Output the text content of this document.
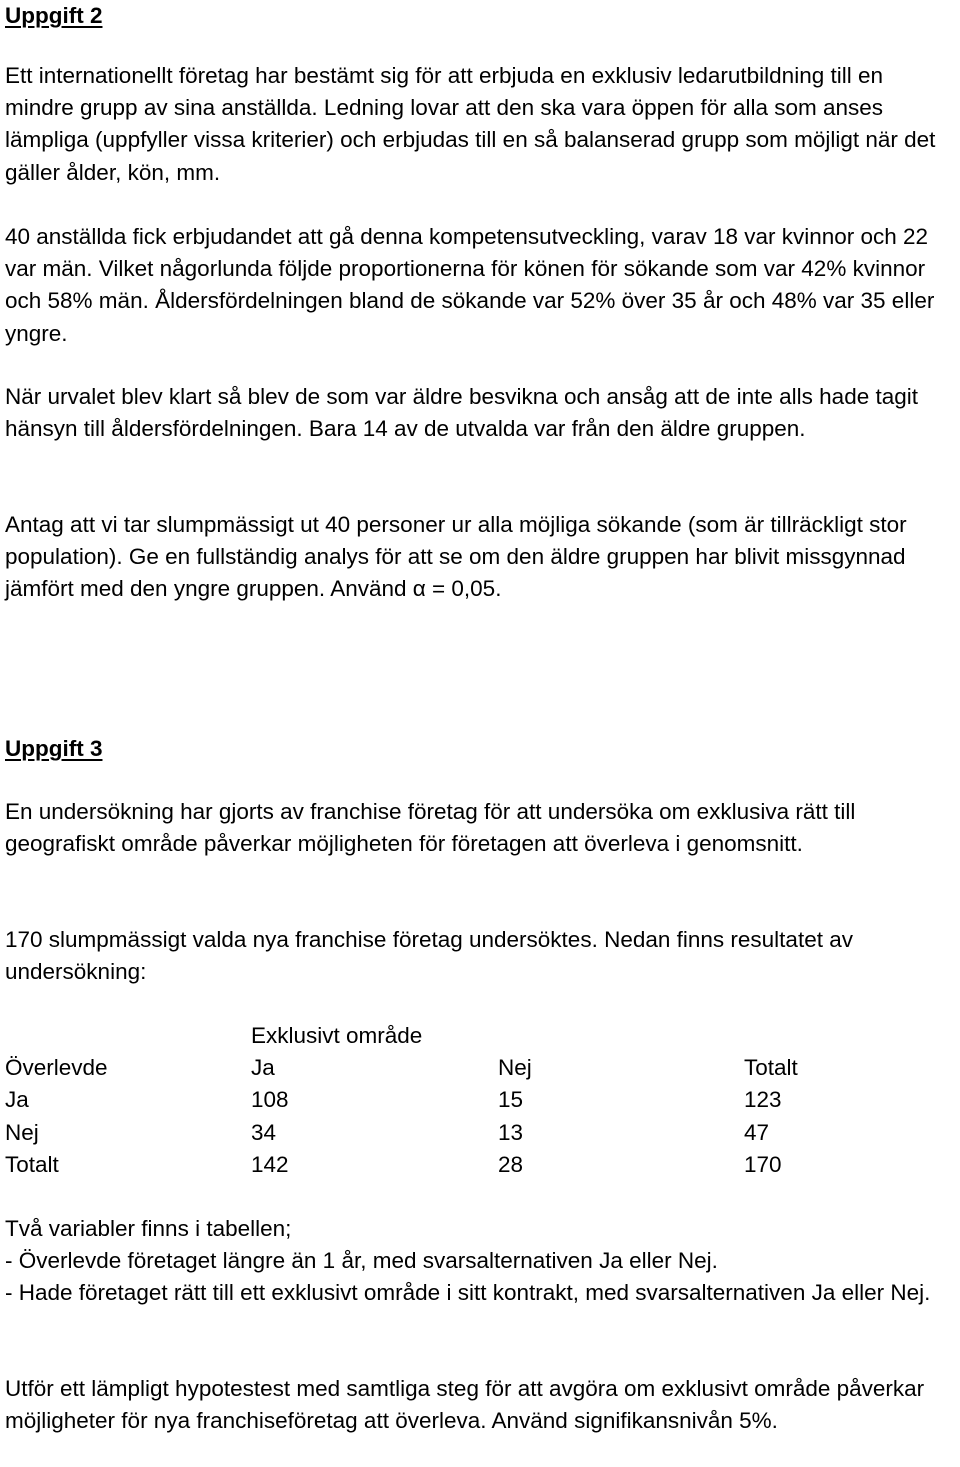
Uppgift 2
Ett internationellt företag har bestämt sig för att erbjuda en exklusiv ledarutbildning till en mindre grupp av sina anställda. Ledning lovar att den ska vara öppen för alla som anses lämpliga (uppfyller vissa kriterier) och erbjudas till en så balanserad grupp som möjligt när det gäller ålder, kön, mm.
40 anställda fick erbjudandet att gå denna kompetensutveckling, varav 18 var kvinnor och 22 var män. Vilket någorlunda följde proportionerna för könen för sökande som var 42% kvinnor och 58% män. Åldersfördelningen bland de sökande var 52% över 35 år och 48% var 35 eller yngre.
När urvalet blev klart så blev de som var äldre besvikna och ansåg att de inte alls hade tagit hänsyn till åldersfördelningen. Bara 14 av de utvalda var från den äldre gruppen.
Antag att vi tar slumpmässigt ut 40 personer ur alla möjliga sökande (som är tillräckligt stor population). Ge en fullständig analys för att se om den äldre gruppen har blivit missgynnad jämfört med den yngre gruppen. Använd α = 0,05.
Uppgift 3
En undersökning har gjorts av franchise företag för att undersöka om exklusiva rätt till geografiskt område påverkar möjligheten för företagen att överleva i genomsnitt.
170 slumpmässigt valda nya franchise företag undersöktes. Nedan finns resultatet av undersökning:
Exklusivt område
Överlevde	Ja	Nej	Totalt
Ja	108	15	123
Nej	34	13	47
Totalt	142	28	170
Två variabler finns i tabellen;
- Överlevde företaget längre än 1 år, med svarsalternativen Ja eller Nej.
- Hade företaget rätt till ett exklusivt område i sitt kontrakt, med svarsalternativen Ja eller Nej.
Utför ett lämpligt hypotestest med samtliga steg för att avgöra om exklusivt område påverkar möjligheter för nya franchiseföretag att överleva. Använd signifikansnivån 5%.
